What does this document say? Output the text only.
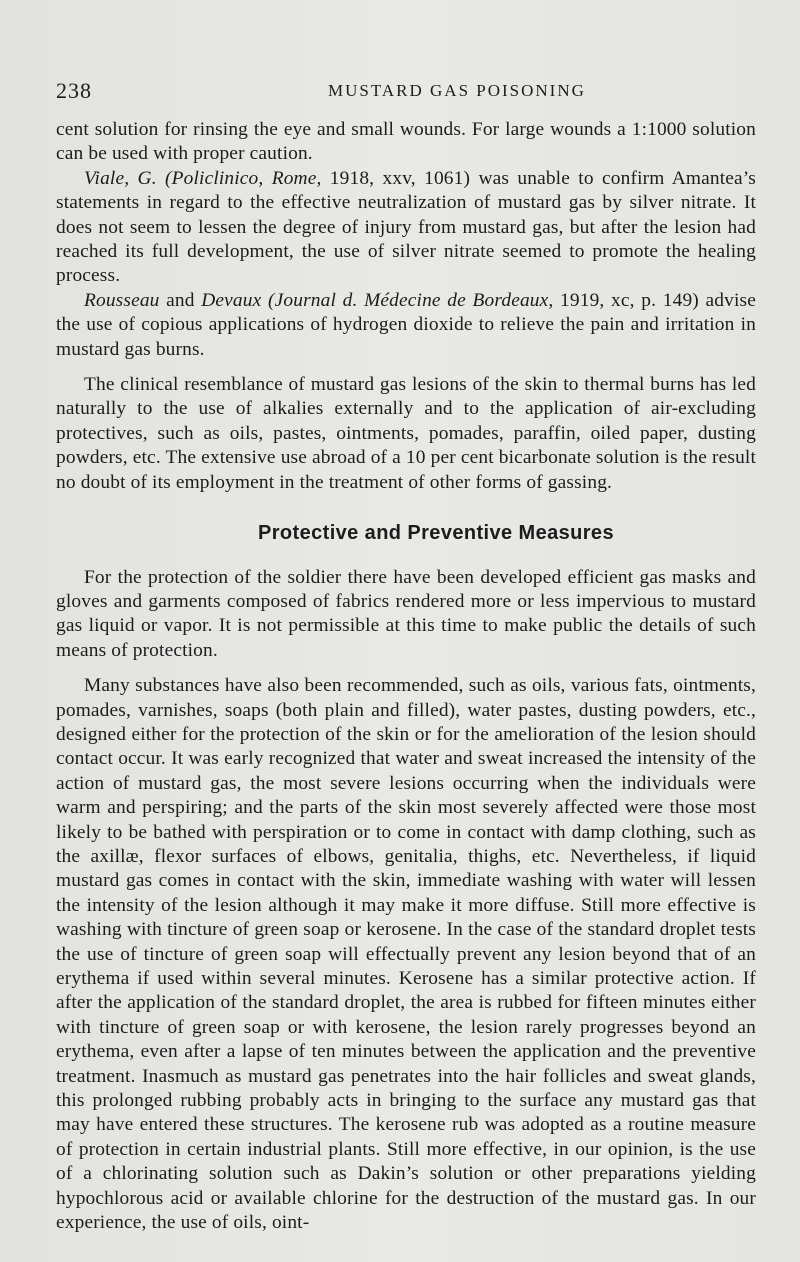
238	MUSTARD GAS POISONING

cent solution for rinsing the eye and small wounds. For large wounds a 1:1000 solution can be used with proper caution.

Viale, G. (Policlinico, Rome, 1918, xxv, 1061) was unable to confirm Amantea’s statements in regard to the effective neutralization of mustard gas by silver nitrate. It does not seem to lessen the degree of injury from mustard gas, but after the lesion had reached its full development, the use of silver nitrate seemed to promote the healing process.

Rousseau and Devaux (Journal d. Médecine de Bordeaux, 1919, xc, p. 149) advise the use of copious applications of hydrogen dioxide to relieve the pain and irritation in mustard gas burns.

The clinical resemblance of mustard gas lesions of the skin to thermal burns has led naturally to the use of alkalies externally and to the application of air-excluding protectives, such as oils, pastes, ointments, pomades, paraffin, oiled paper, dusting powders, etc. The extensive use abroad of a 10 per cent bicarbonate solution is the result no doubt of its employment in the treatment of other forms of gassing.

Protective and Preventive Measures

For the protection of the soldier there have been developed efficient gas masks and gloves and garments composed of fabrics rendered more or less impervious to mustard gas liquid or vapor. It is not permissible at this time to make public the details of such means of protection.

Many substances have also been recommended, such as oils, various fats, ointments, pomades, varnishes, soaps (both plain and filled), water pastes, dusting powders, etc., designed either for the protection of the skin or for the amelioration of the lesion should contact occur. It was early recognized that water and sweat increased the intensity of the action of mustard gas, the most severe lesions occurring when the individuals were warm and perspiring; and the parts of the skin most severely affected were those most likely to be bathed with perspiration or to come in contact with damp clothing, such as the axillæ, flexor surfaces of elbows, genitalia, thighs, etc. Nevertheless, if liquid mustard gas comes in contact with the skin, immediate washing with water will lessen the intensity of the lesion although it may make it more diffuse. Still more effective is washing with tincture of green soap or kerosene. In the case of the standard droplet tests the use of tincture of green soap will effectually prevent any lesion beyond that of an erythema if used within several minutes. Kerosene has a similar protective action. If after the application of the standard droplet, the area is rubbed for fifteen minutes either with tincture of green soap or with kerosene, the lesion rarely progresses beyond an erythema, even after a lapse of ten minutes between the application and the preventive treatment. Inasmuch as mustard gas penetrates into the hair follicles and sweat glands, this prolonged rubbing probably acts in bringing to the surface any mustard gas that may have entered these structures. The kerosene rub was adopted as a routine measure of protection in certain industrial plants. Still more effective, in our opinion, is the use of a chlorinating solution such as Dakin’s solution or other preparations yielding hypochlorous acid or available chlorine for the destruction of the mustard gas. In our experience, the use of oils, oint-
